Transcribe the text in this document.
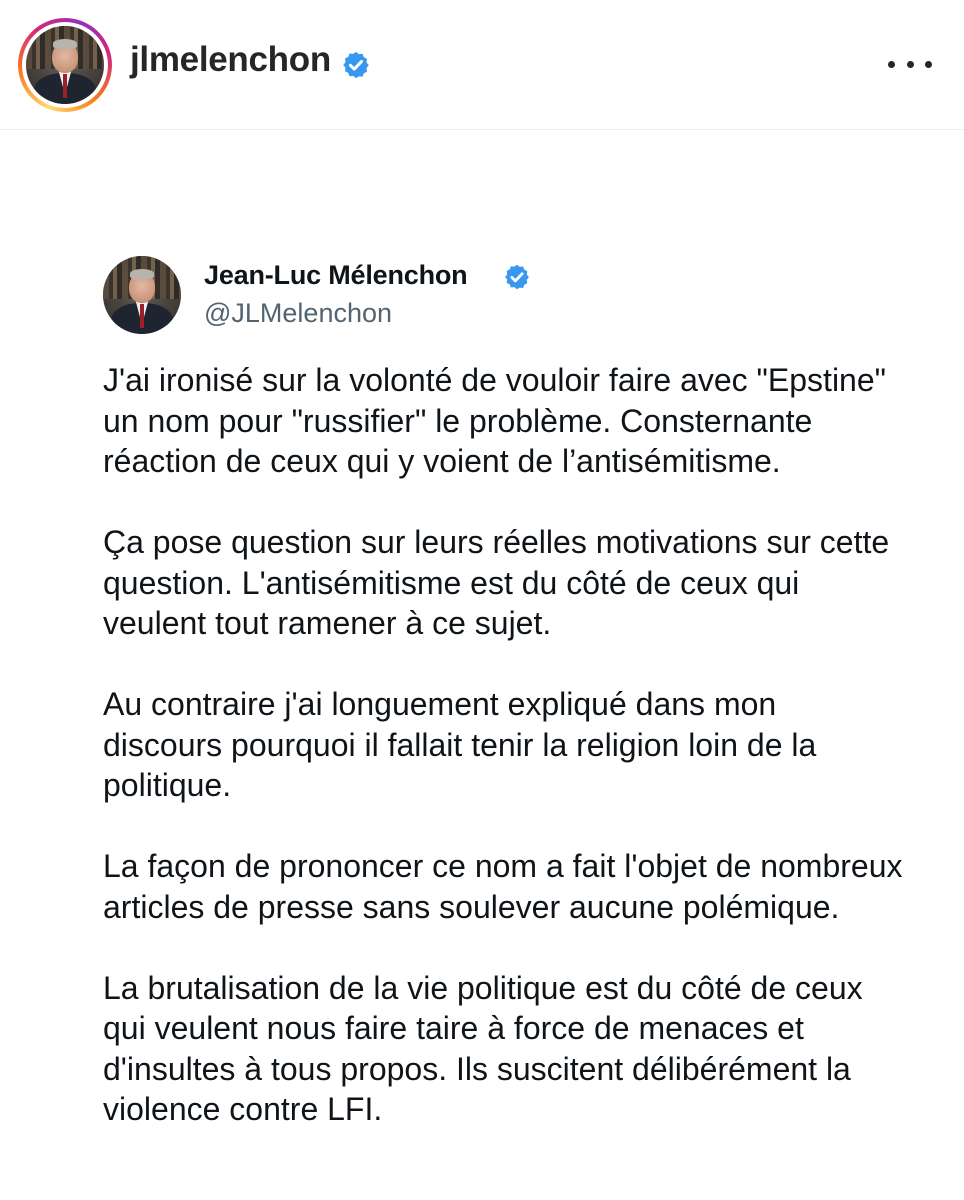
jlmelenchon
Jean-Luc Mélenchon
@JLMelenchon

J'ai ironisé sur la volonté de vouloir faire avec "Epstine" un nom pour "russifier" le problème. Consternante réaction de ceux qui y voient de l’antisémitisme.

Ça pose question sur leurs réelles motivations sur cette question. L'antisémitisme est du côté de ceux qui veulent tout ramener à ce sujet.

Au contraire j'ai longuement expliqué dans mon discours pourquoi il fallait tenir la religion loin de la politique.

La façon de prononcer ce nom a fait l'objet de nombreux articles de presse sans soulever aucune polémique.

La brutalisation de la vie politique est du côté de ceux qui veulent nous faire taire à force de menaces et d'insultes à tous propos. Ils suscitent délibérément la violence contre LFI.
